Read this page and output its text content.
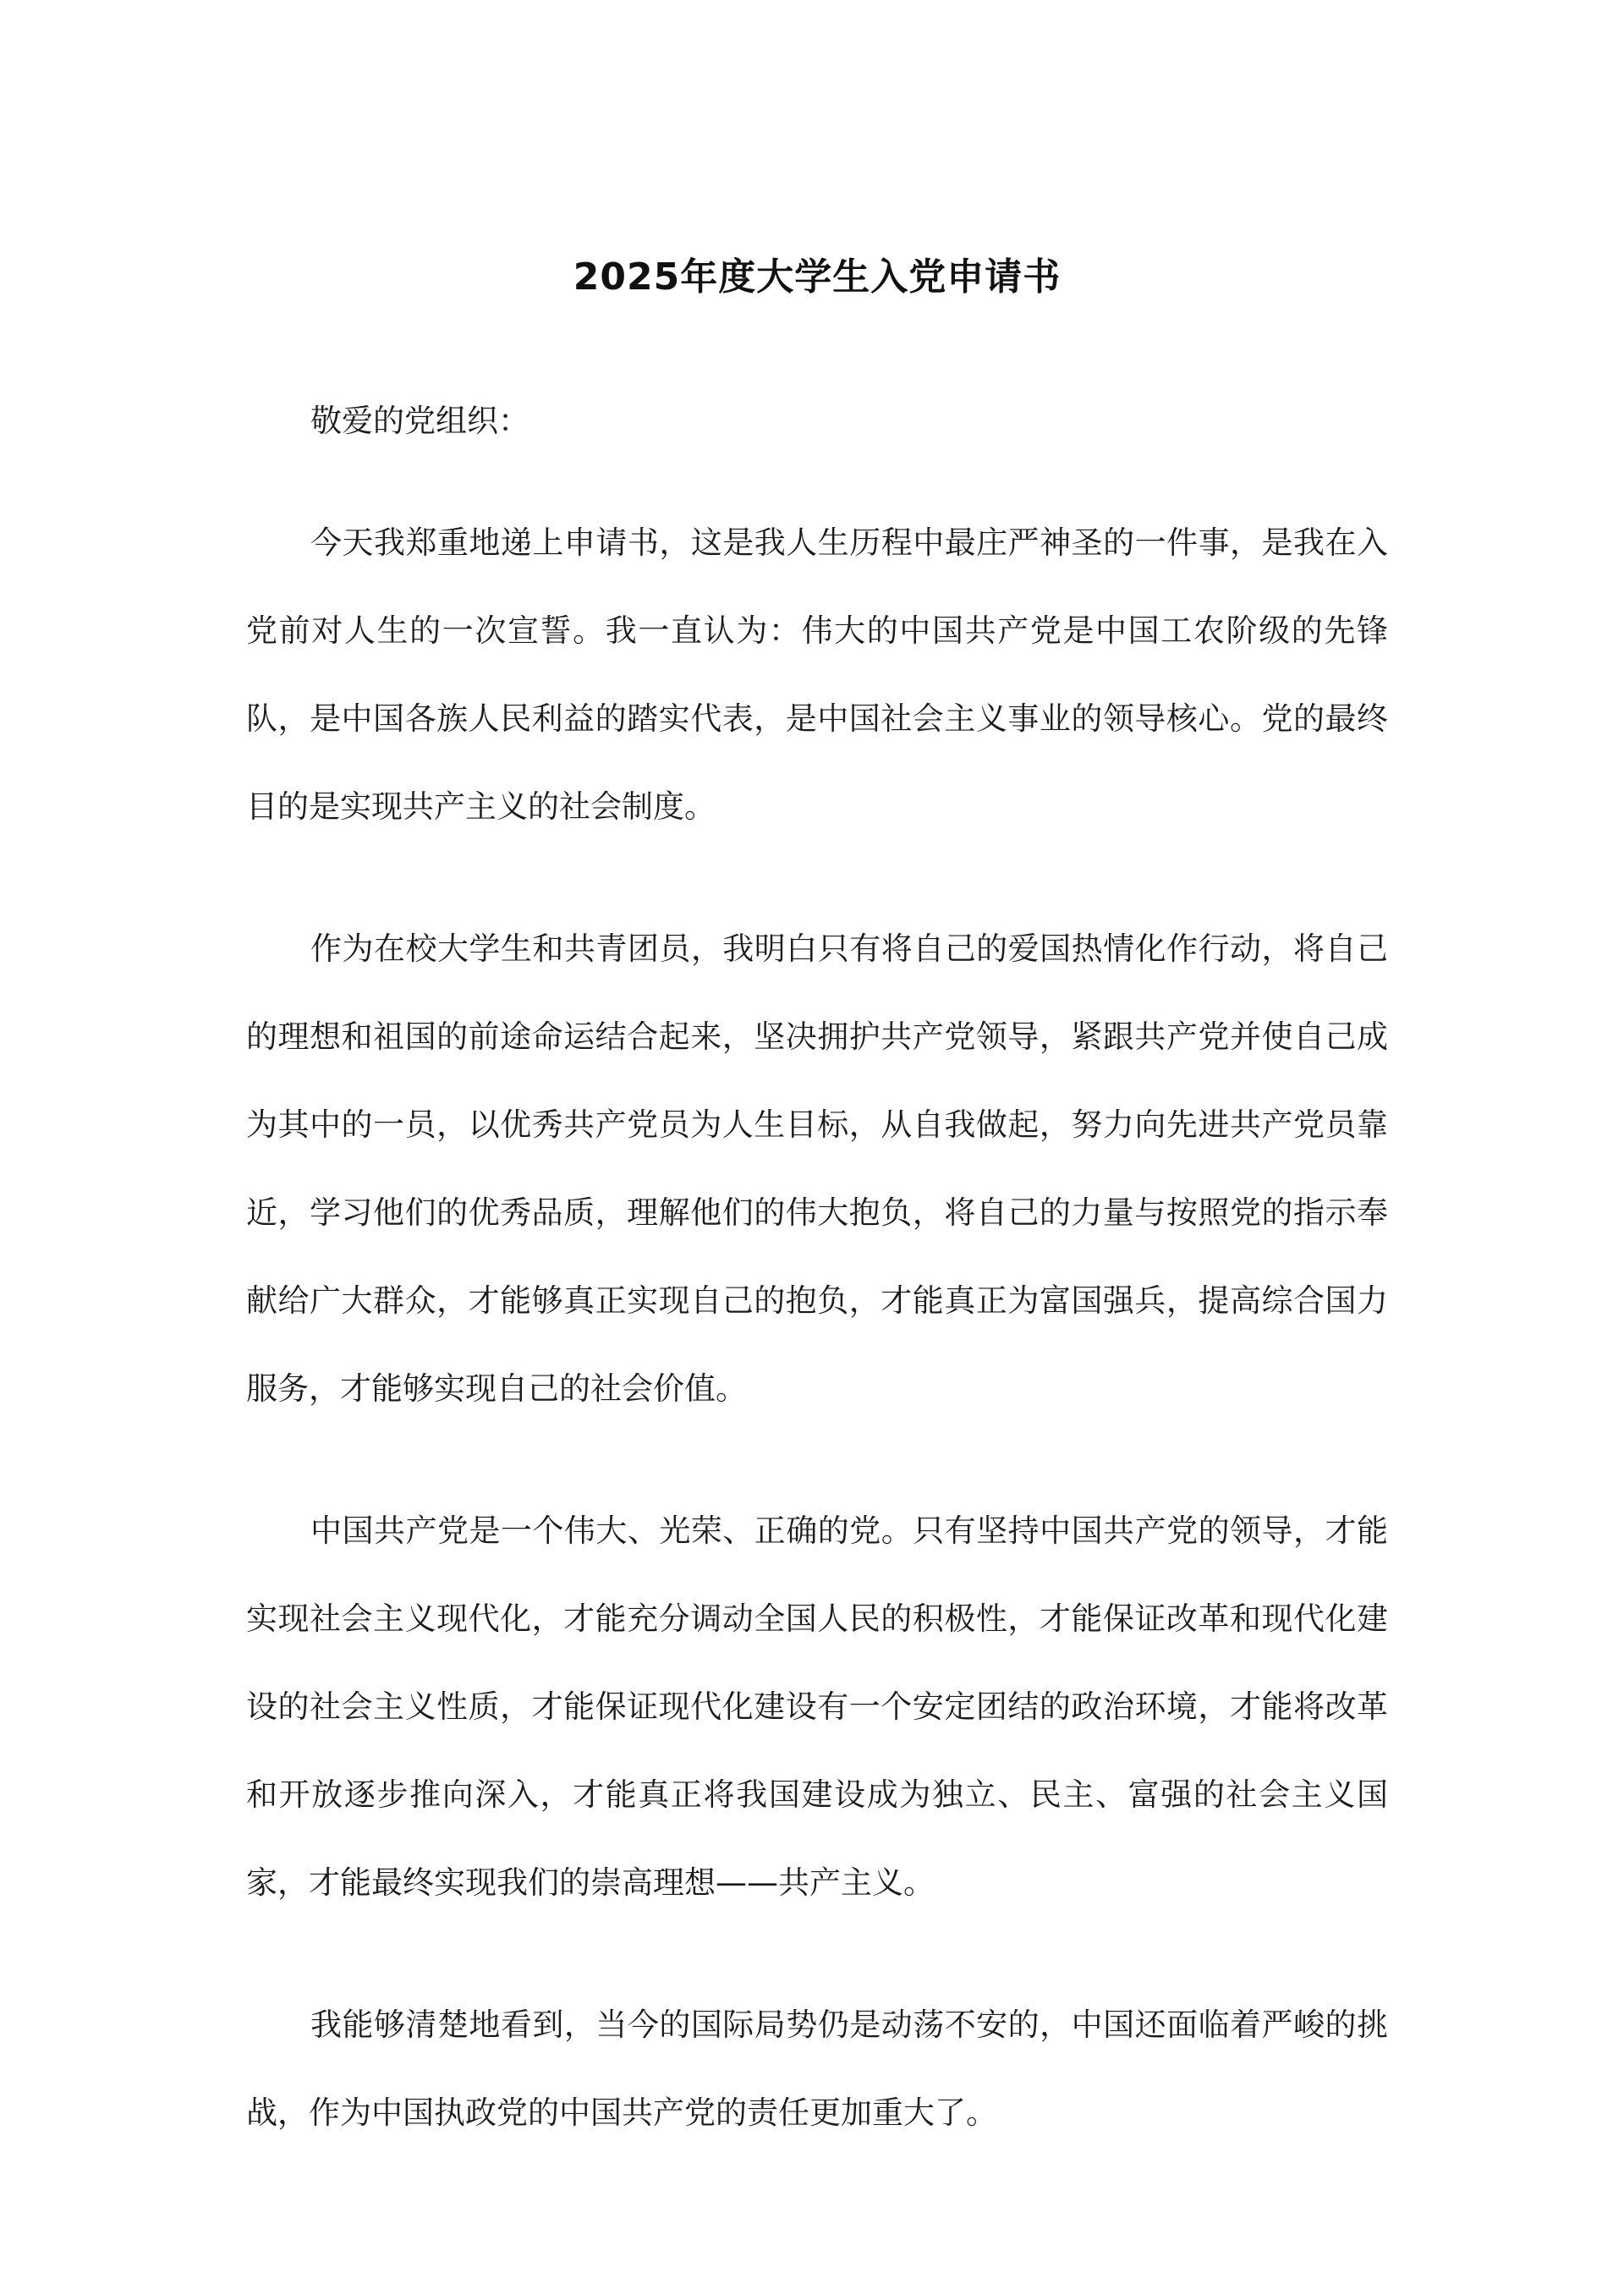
2025年度大学生入党申请书

敬爱的党组织：

今天我郑重地递上申请书，这是我人生历程中最庄严神圣的一件事，是我在入党前对人生的一次宣誓。我一直认为：伟大的中国共产党是中国工农阶级的先锋队，是中国各族人民利益的踏实代表，是中国社会主义事业的领导核心。党的最终目的是实现共产主义的社会制度。

作为在校大学生和共青团员，我明白只有将自己的爱国热情化作行动，将自己的理想和祖国的前途命运结合起来，坚决拥护共产党领导，紧跟共产党并使自己成为其中的一员，以优秀共产党员为人生目标，从自我做起，努力向先进共产党员靠近，学习他们的优秀品质，理解他们的伟大抱负，将自己的力量与按照党的指示奉献给广大群众，才能够真正实现自己的抱负，才能真正为富国强兵，提高综合国力服务，才能够实现自己的社会价值。

中国共产党是一个伟大、光荣、正确的党。只有坚持中国共产党的领导，才能实现社会主义现代化，才能充分调动全国人民的积极性，才能保证改革和现代化建设的社会主义性质，才能保证现代化建设有一个安定团结的政治环境，才能将改革和开放逐步推向深入，才能真正将我国建设成为独立、民主、富强的社会主义国家，才能最终实现我们的崇高理想——共产主义。

我能够清楚地看到，当今的国际局势仍是动荡不安的，中国还面临着严峻的挑战，作为中国执政党的中国共产党的责任更加重大了。
